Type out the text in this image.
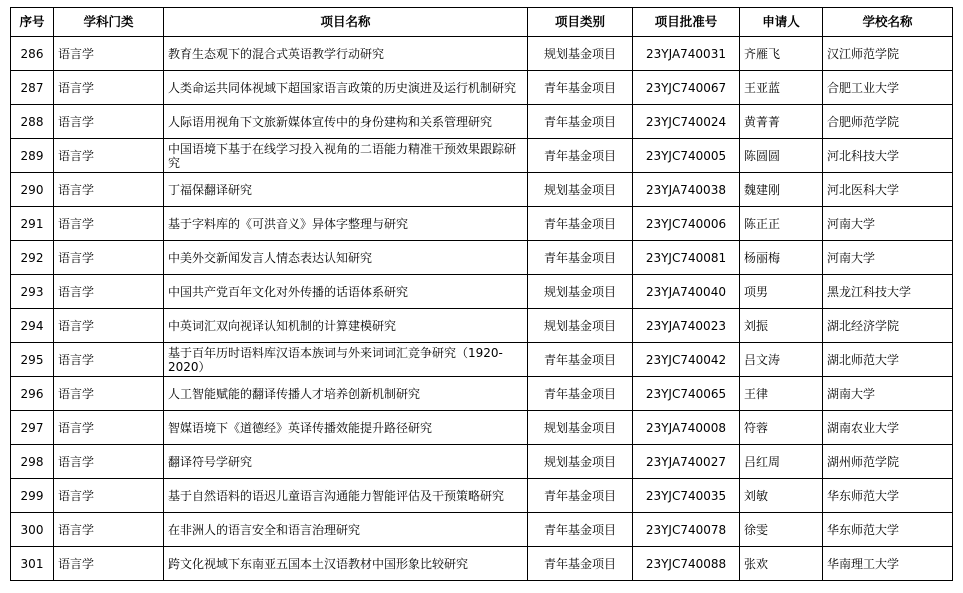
序号	学科门类	项目名称	项目类别	项目批准号	申请人	学校名称
286	语言学	教育生态观下的混合式英语教学行动研究	规划基金项目	23YJA740031	齐雁飞	汉江师范学院
287	语言学	人类命运共同体视域下超国家语言政策的历史演进及运行机制研究	青年基金项目	23YJC740067	王亚蓝	合肥工业大学
288	语言学	人际语用视角下文旅新媒体宣传中的身份建构和关系管理研究	青年基金项目	23YJC740024	黄菁菁	合肥师范学院
289	语言学	中国语境下基于在线学习投入视角的二语能力精准干预效果跟踪研究	青年基金项目	23YJC740005	陈圆圆	河北科技大学
290	语言学	丁福保翻译研究	规划基金项目	23YJA740038	魏建刚	河北医科大学
291	语言学	基于字料库的《可洪音义》异体字整理与研究	青年基金项目	23YJC740006	陈正正	河南大学
292	语言学	中美外交新闻发言人情态表达认知研究	青年基金项目	23YJC740081	杨丽梅	河南大学
293	语言学	中国共产党百年文化对外传播的话语体系研究	规划基金项目	23YJA740040	项男	黑龙江科技大学
294	语言学	中英词汇双向视译认知机制的计算建模研究	规划基金项目	23YJA740023	刘振	湖北经济学院
295	语言学	基于百年历时语料库汉语本族词与外来词词汇竞争研究（1920-2020）	青年基金项目	23YJC740042	吕文涛	湖北师范大学
296	语言学	人工智能赋能的翻译传播人才培养创新机制研究	青年基金项目	23YJC740065	王律	湖南大学
297	语言学	智媒语境下《道德经》英译传播效能提升路径研究	规划基金项目	23YJA740008	符蓉	湖南农业大学
298	语言学	翻译符号学研究	规划基金项目	23YJA740027	吕红周	湖州师范学院
299	语言学	基于自然语料的语迟儿童语言沟通能力智能评估及干预策略研究	青年基金项目	23YJC740035	刘敏	华东师范大学
300	语言学	在非洲人的语言安全和语言治理研究	青年基金项目	23YJC740078	徐雯	华东师范大学
301	语言学	跨文化视域下东南亚五国本土汉语教材中国形象比较研究	青年基金项目	23YJC740088	张欢	华南理工大学
